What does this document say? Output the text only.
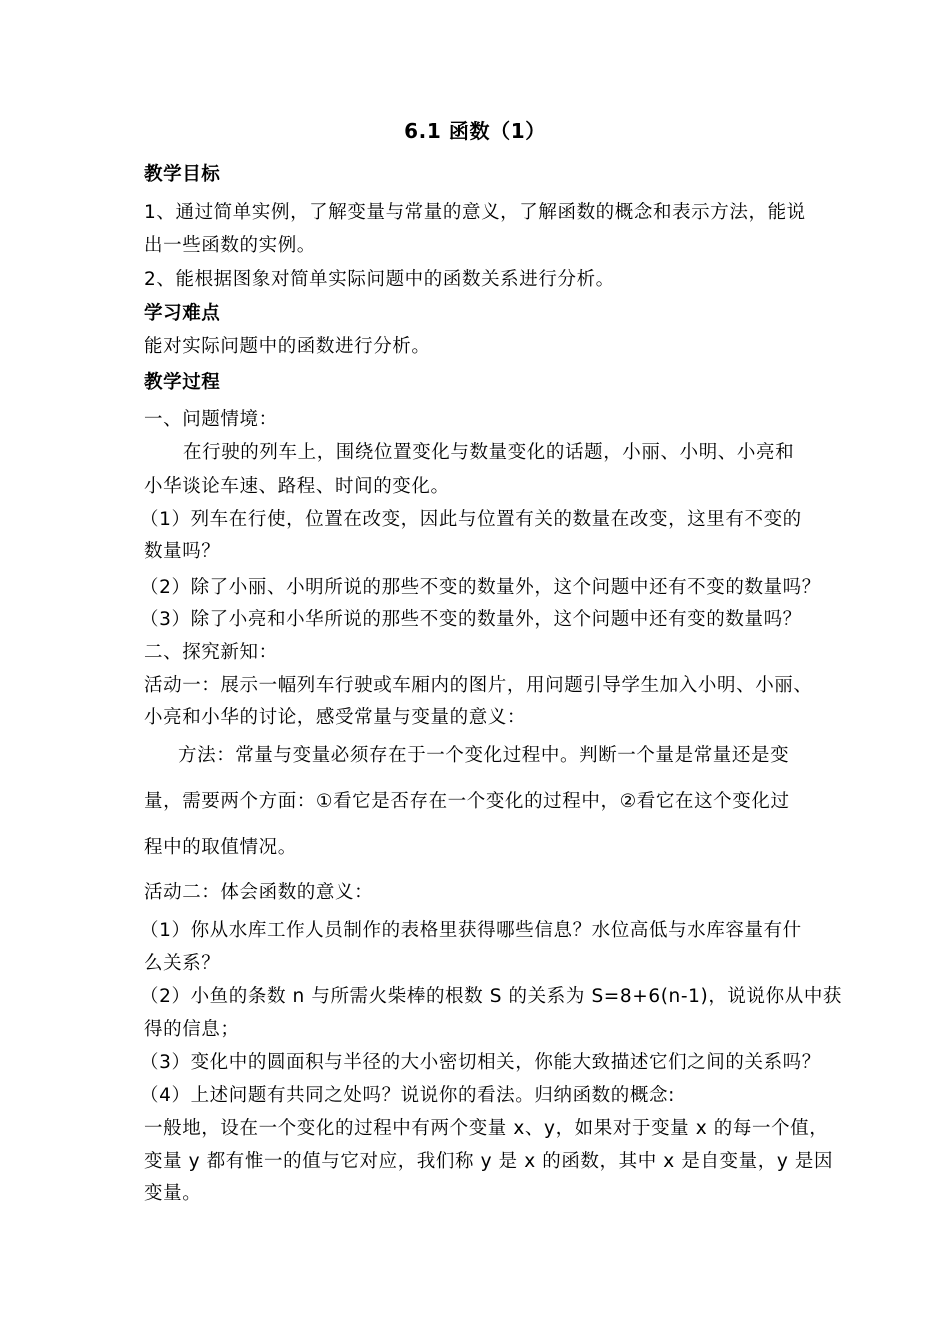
6.1 函数（1）
教学目标
1、通过简单实例，了解变量与常量的意义，了解函数的概念和表示方法，能说
出一些函数的实例。
2、能根据图象对简单实际问题中的函数关系进行分析。
学习难点
能对实际问题中的函数进行分析。
教学过程
一、问题情境：
在行驶的列车上，围绕位置变化与数量变化的话题，小丽、小明、小亮和
小华谈论车速、路程、时间的变化。
（1）列车在行使，位置在改变，因此与位置有关的数量在改变，这里有不变的
数量吗？
（2）除了小丽、小明所说的那些不变的数量外，这个问题中还有不变的数量吗？
（3）除了小亮和小华所说的那些不变的数量外，这个问题中还有变的数量吗？
二、探究新知：
活动一：展示一幅列车行驶或车厢内的图片，用问题引导学生加入小明、小丽、
小亮和小华的讨论，感受常量与变量的意义：
方法：常量与变量必须存在于一个变化过程中。判断一个量是常量还是变
量，需要两个方面：①看它是否存在一个变化的过程中，②看它在这个变化过
程中的取值情况。
活动二：体会函数的意义：
（1）你从水库工作人员制作的表格里获得哪些信息？水位高低与水库容量有什
么关系？
（2）小鱼的条数 n 与所需火柴棒的根数 S 的关系为 S=8+6(n-1)，说说你从中获
得的信息；
（3）变化中的圆面积与半径的大小密切相关，你能大致描述它们之间的关系吗？
（4）上述问题有共同之处吗？说说你的看法。归纳函数的概念:
一般地，设在一个变化的过程中有两个变量 x、y，如果对于变量 x 的每一个值，
变量 y 都有惟一的值与它对应，我们称 y 是 x 的函数，其中 x 是自变量，y 是因
变量。
